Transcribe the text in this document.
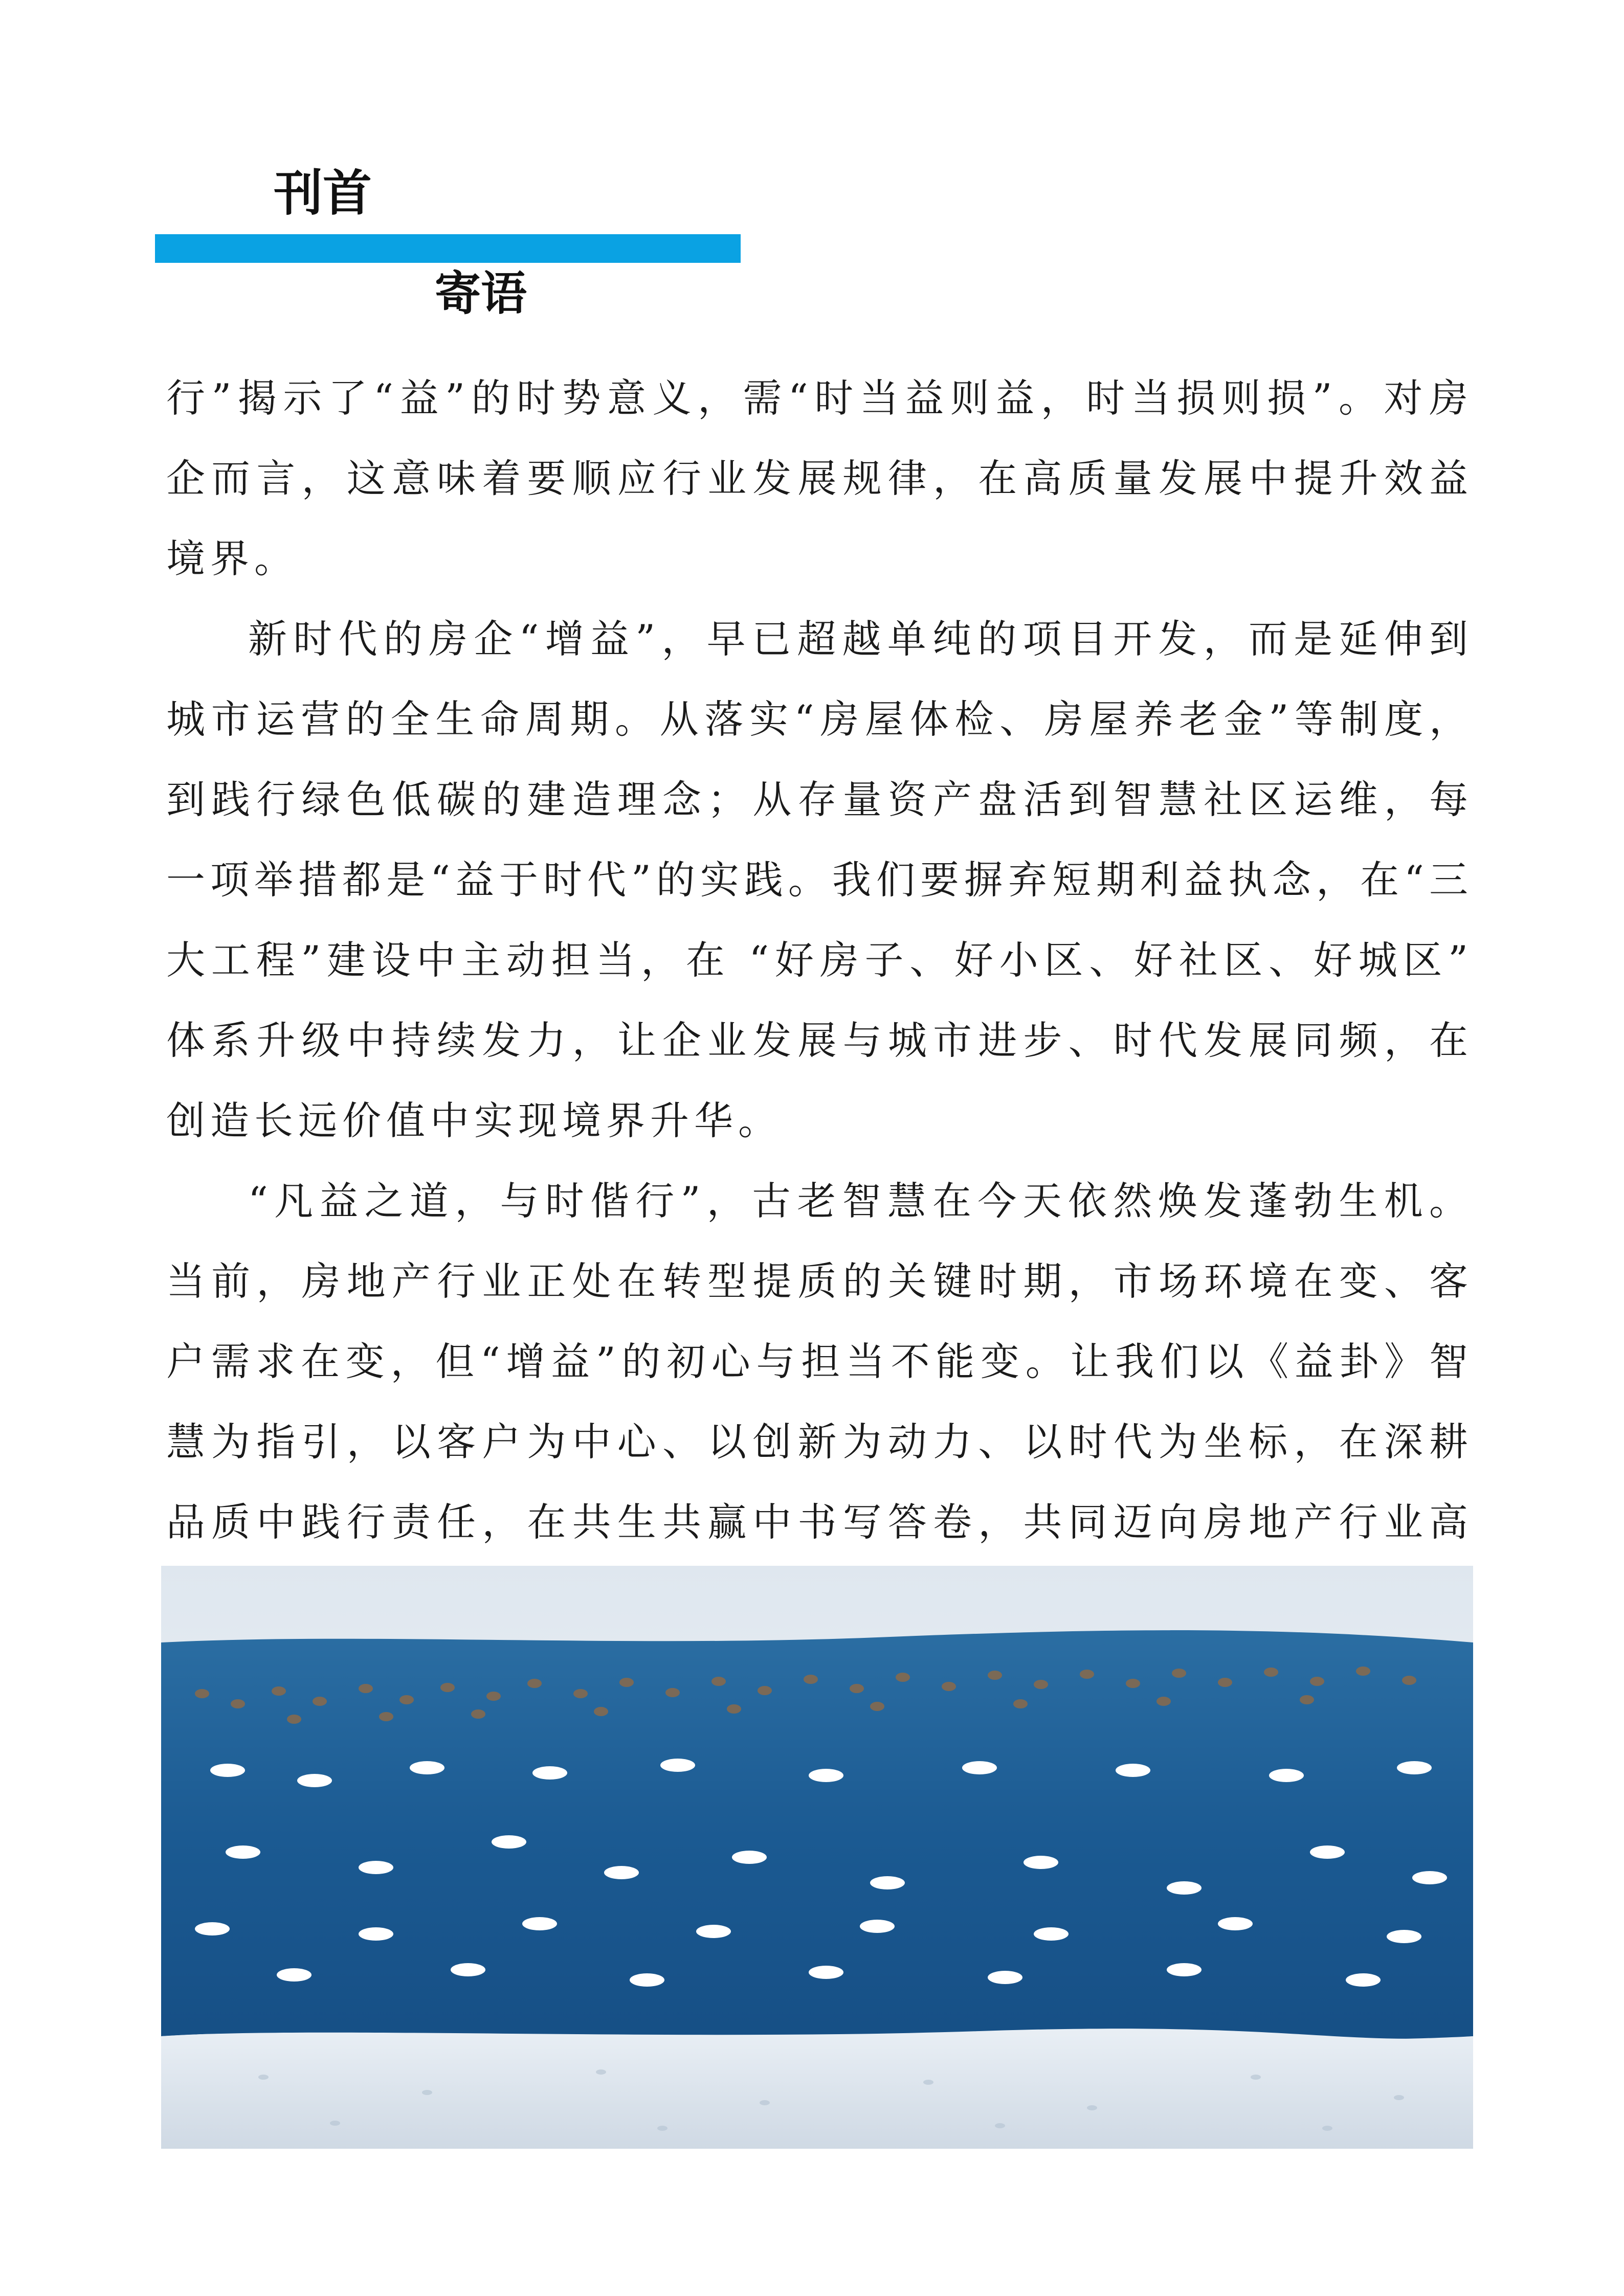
刊首
寄语

行”揭示了“益”的时势意义，需“时当益则益，时当损则损”。对房企而言，这意味着要顺应行业发展规律，在高质量发展中提升效益境界。

新时代的房企“增益”，早已超越单纯的项目开发，而是延伸到城市运营的全生命周期。从落实“房屋体检、房屋养老金”等制度，到践行绿色低碳的建造理念；从存量资产盘活到智慧社区运维，每一项举措都是“益于时代”的实践。我们要摒弃短期利益执念，在“三大工程”建设中主动担当，在 “好房子、好小区、好社区、好城区” 体系升级中持续发力，让企业发展与城市进步、时代发展同频，在创造长远价值中实现境界升华。

“凡益之道，与时偕行”，古老智慧在今天依然焕发蓬勃生机。当前，房地产行业正处在转型提质的关键时期，市场环境在变、客户需求在变，但“增益”的初心与担当不能变。让我们以《益卦》智慧为指引，以客户为中心、以创新为动力、以时代为坐标，在深耕品质中践行责任，在共生共赢中书写答卷，共同迈向房地产行业高
